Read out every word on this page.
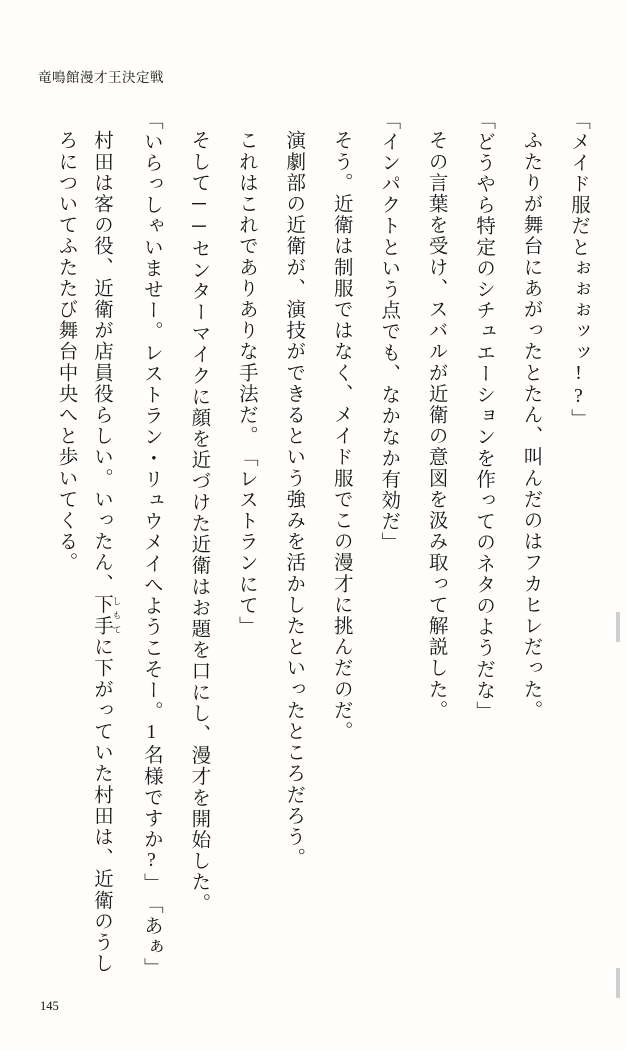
竜鳴館漫才王決定戦

「メイド服だとぉぉぉッッ!?」

ふたりが舞台にあがったとたん、叫んだのはフカヒレだった。

「どうやら特定のシチュエーションを作ってのネタのようだな」

その言葉を受け、スバルが近衛の意図を汲み取って解説した。

「インパクトという点でも、なかなか有効だ」

そう。近衛は制服ではなく、メイド服でこの漫才に挑んだのだ。

演劇部の近衛が、演技ができるという強みを活かしたといったところだろう。

これはこれでありありな手法だ。

「レストランにて」

そして──センターマイクに顔を近づけた近衛はお題を口にし、漫才を開始した。

「いらっしゃいませー。レストラン・リュウメイへようこそー。1名様ですか?」

「あぁ」

村田は客の役、近衛が店員役らしい。いったん、下手 しもてに下がっていた村田は、近衛のうしろについてふたたび舞台中央へと歩いてくる。

145
